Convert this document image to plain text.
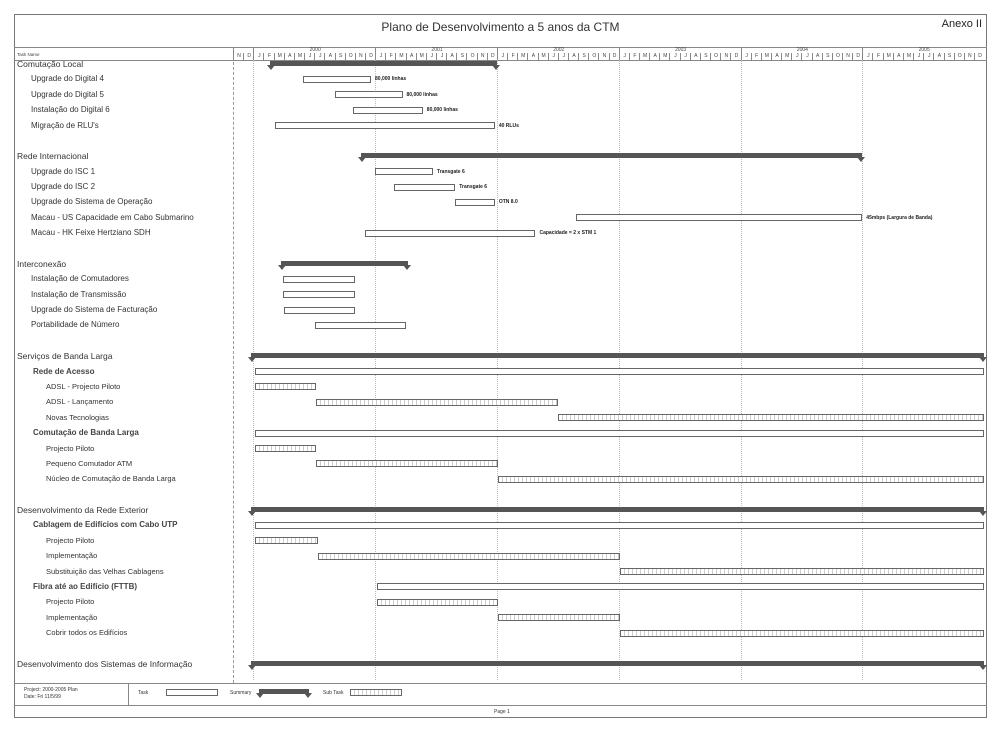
Plano de Desenvolvimento a 5 anos da CTM	Anexo II
Task Name	N	D
2000
J	F	M	A	M	J	J	A	S	O	N	D
2001
J	F	M	A	M	J	J	A	S	O	N	D
2002
J	F	M	A	M	J	J	A	S	O	N	D
2003
J	F	M	A	M	J	J	A	S	O	N	D
2004
J	F	M	A	M	J	J	A	S	O	N	D
2005
J	F	M	A	M	J	J	A	S	O	N	D
Comutação Local
Upgrade do Digital 4	80,000 linhas
Upgrade do Digital 5	80,000 linhas
Instalação do Digital 6	80,000 linhas
Migração de RLU's	40 RLUs
Rede Internacional
Upgrade do ISC 1	Transgate 6
Upgrade do ISC 2	Transgate 6
Upgrade do Sistema de Operação	OTN 8.0
Macau - US Capacidade em Cabo Submarino	45mbps (Largura de Banda)
Macau - HK Feixe Hertziano SDH	Capacidade = 2 x STM 1
Interconexão
Instalação de Comutadores
Instalação de Transmissão
Upgrade do Sistema de Facturação
Portabilidade de Número
Serviços de Banda Larga
Rede de Acesso
ADSL - Projecto Piloto
ADSL - Lançamento
Novas Tecnologias
Comutação de Banda Larga
Projecto Piloto
Pequeno Comutador ATM
Núcleo de Comutação de Banda Larga
Desenvolvimento da Rede Exterior
Cablagem de Edifícios com Cabo UTP
Projecto Piloto
Implementação
Substituição das Velhas Cablagens
Fibra até ao Edifício (FTTB)
Projecto Piloto
Implementação
Cobrir todos os Edifícios
Desenvolvimento dos Sistemas de Informação
Project: 2000-2005 Plan
Date: Fri 11/5/99
Task	Summary	Sub Task
Page 1
